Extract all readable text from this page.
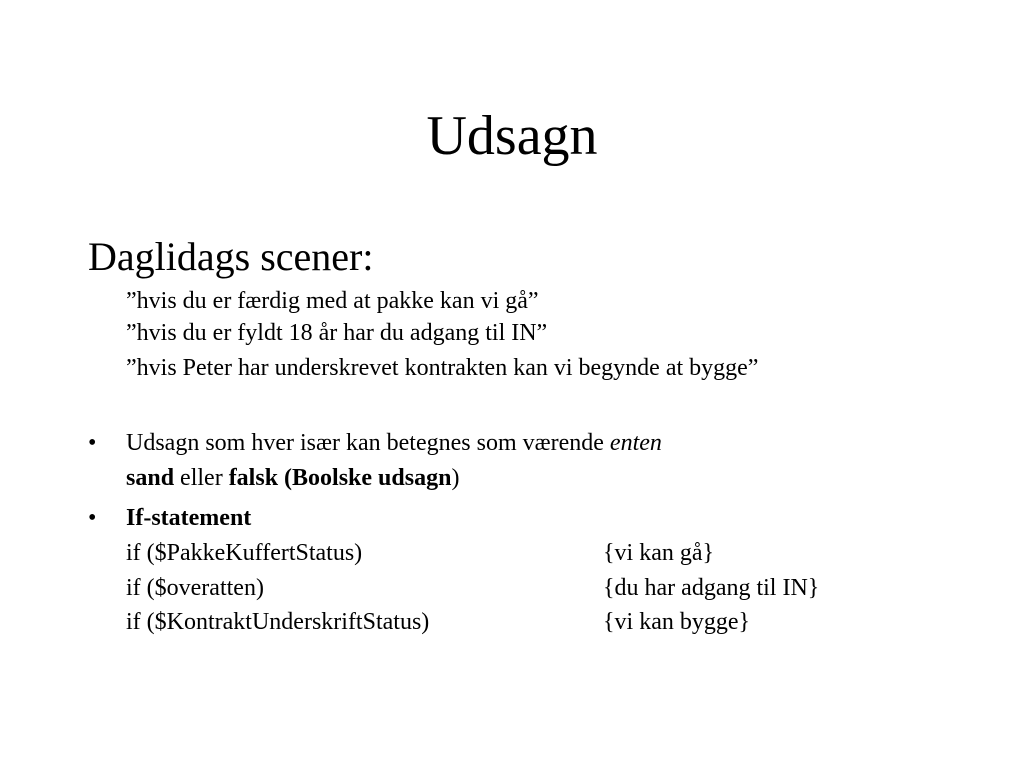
Udsagn
Daglidags scener:
”hvis du er færdig med at pakke kan vi gå”
”hvis du er fyldt 18 år har du adgang til IN”
”hvis Peter har underskrevet kontrakten kan vi begynde at bygge”
• Udsagn som hver især kan betegnes som værende enten
sand eller falsk (Boolske udsagn)
• If-statement
if ($PakkeKuffertStatus)	{vi kan gå}
if ($overatten)	{du har adgang til IN}
if ($KontraktUnderskriftStatus)	{vi kan bygge}
